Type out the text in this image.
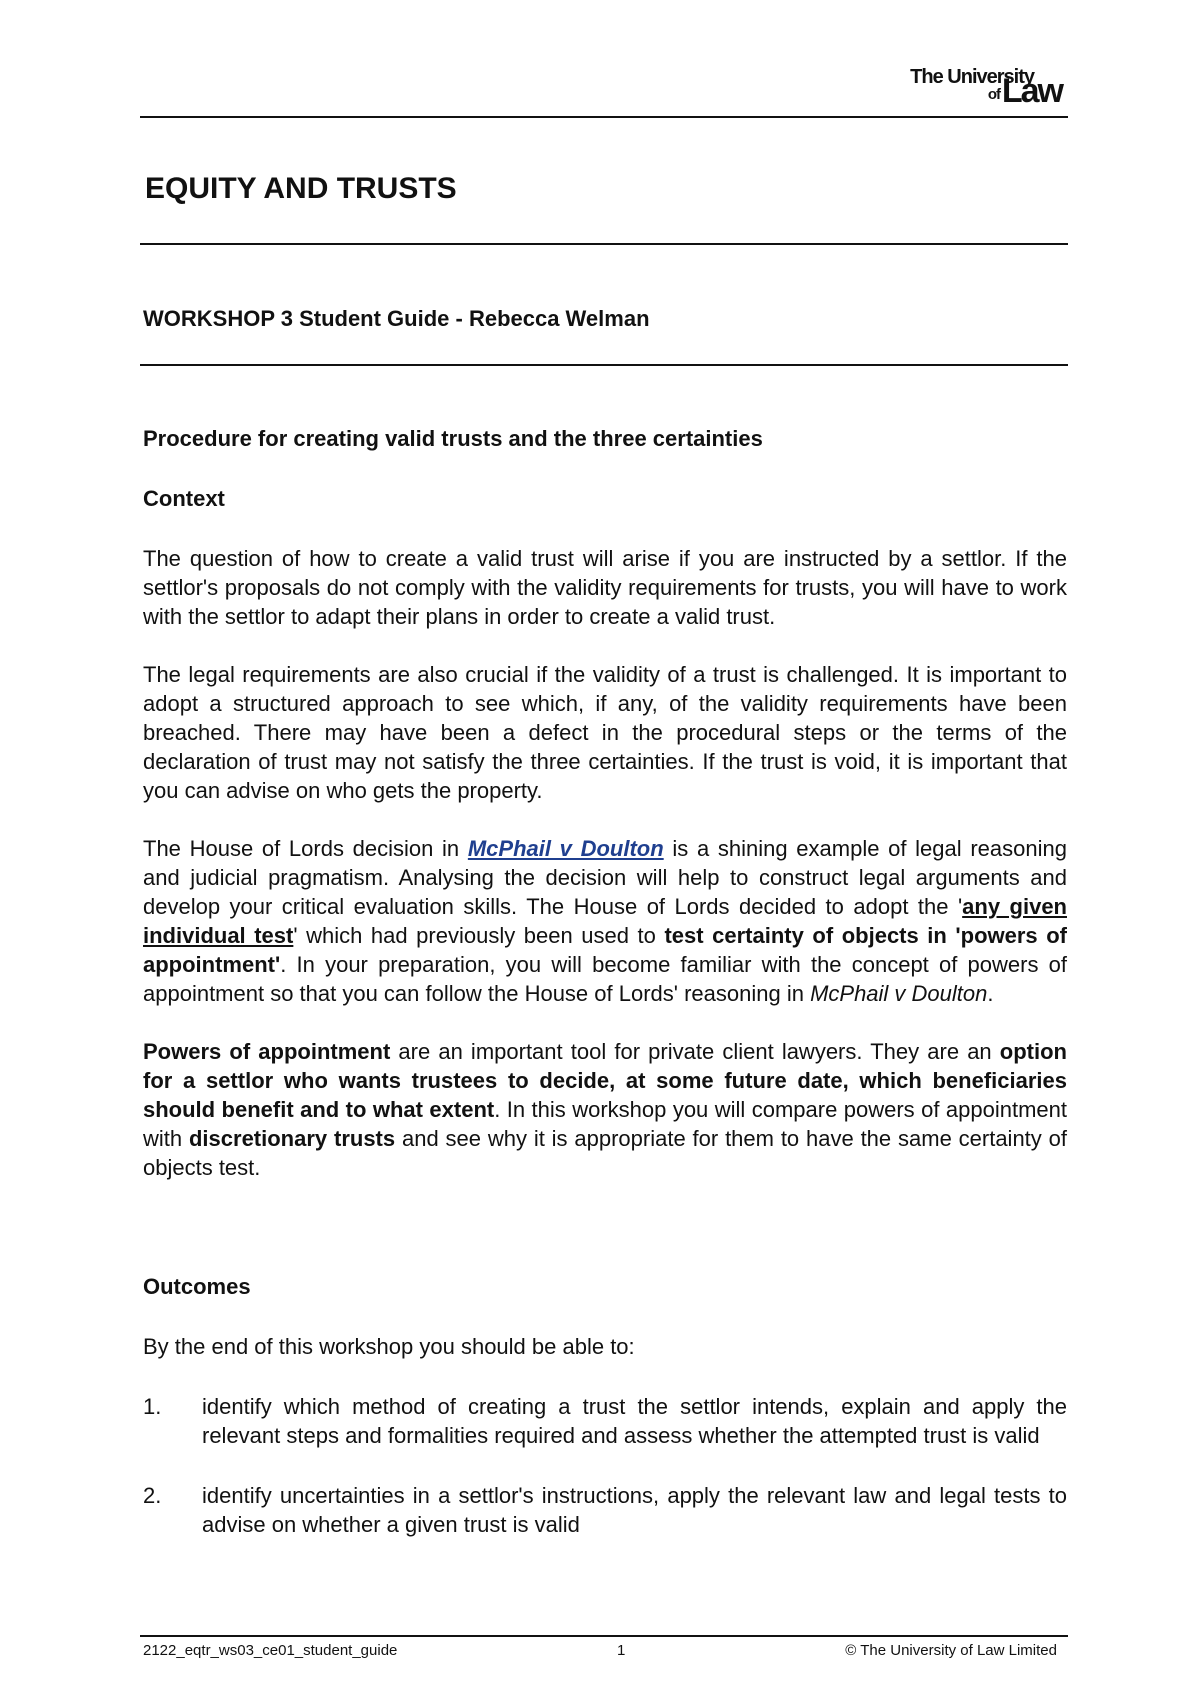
The University
of Law
EQUITY AND TRUSTS
WORKSHOP 3 Student Guide - Rebecca Welman

Procedure for creating valid trusts and the three certainties

Context

The question of how to create a valid trust will arise if you are instructed by a settlor. If the settlor's proposals do not comply with the validity requirements for trusts, you will have to work with the settlor to adapt their plans in order to create a valid trust.

The legal requirements are also crucial if the validity of a trust is challenged. It is important to adopt a structured approach to see which, if any, of the validity requirements have been breached. There may have been a defect in the procedural steps or the terms of the declaration of trust may not satisfy the three certainties. If the trust is void, it is important that you can advise on who gets the property.

The House of Lords decision in McPhail v Doulton is a shining example of legal reasoning and judicial pragmatism. Analysing the decision will help to construct legal arguments and develop your critical evaluation skills. The House of Lords decided to adopt the 'any given individual test' which had previously been used to test certainty of objects in 'powers of appointment'. In your preparation, you will become familiar with the concept of powers of appointment so that you can follow the House of Lords' reasoning in McPhail v Doulton.

Powers of appointment are an important tool for private client lawyers. They are an option for a settlor who wants trustees to decide, at some future date, which beneficiaries should benefit and to what extent. In this workshop you will compare powers of appointment with discretionary trusts and see why it is appropriate for them to have the same certainty of objects test.

Outcomes

By the end of this workshop you should be able to:

1. identify which method of creating a trust the settlor intends, explain and apply the relevant steps and formalities required and assess whether the attempted trust is valid
2. identify uncertainties in a settlor's instructions, apply the relevant law and legal tests to advise on whether a given trust is valid
2122_eqtr_ws03_ce01_student_guide	1	© The University of Law Limited
